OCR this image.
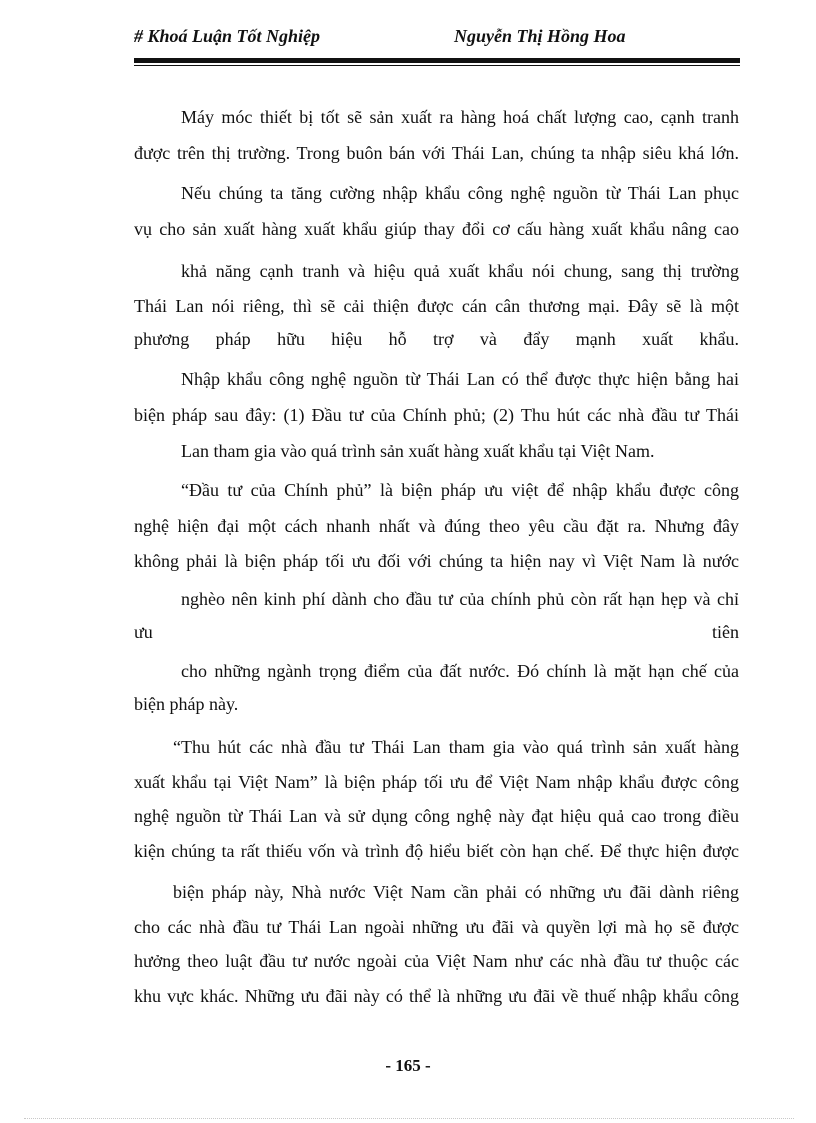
# Khoá Luận Tốt Nghiệp	Nguyễn Thị Hồng Hoa
Máy móc thiết bị tốt sẽ sản xuất ra hàng hoá chất lượng cao, cạnh tranh
được trên thị trường. Trong buôn bán với Thái Lan, chúng ta nhập siêu khá lớn.
Nếu chúng ta tăng cường nhập khẩu công nghệ nguồn từ Thái Lan phục
vụ cho sản xuất hàng xuất khẩu giúp thay đổi cơ cấu hàng xuất khẩu nâng cao
khả năng cạnh tranh và hiệu quả xuất khẩu nói chung, sang thị trường
Thái Lan nói riêng, thì sẽ cải thiện được cán cân thương mại. Đây sẽ là một
phương pháp hữu hiệu hỗ trợ và đẩy mạnh xuất khẩu.
Nhập khẩu công nghệ nguồn từ Thái Lan có thể được thực hiện bằng hai
biện pháp sau đây: (1) Đầu tư của Chính phủ; (2) Thu hút các nhà đầu tư Thái
Lan tham gia vào quá trình sản xuất hàng xuất khẩu tại Việt Nam.
“Đầu tư của Chính phủ” là biện pháp ưu việt để nhập khẩu được công
nghệ hiện đại một cách nhanh nhất và đúng theo yêu cầu đặt ra. Nhưng đây
không phải là biện pháp tối ưu đối với chúng ta hiện nay vì Việt Nam là nước
nghèo nên kinh phí dành cho đầu tư của chính phủ còn rất hạn hẹp và chỉ
ưu	tiên
cho những ngành trọng điểm của đất nước. Đó chính là mặt hạn chế của
biện pháp này.
“Thu hút các nhà đầu tư Thái Lan tham gia vào quá trình sản xuất hàng
xuất khẩu tại Việt Nam” là biện pháp tối ưu để Việt Nam nhập khẩu được công
nghệ nguồn từ Thái Lan và sử dụng công nghệ này đạt hiệu quả cao trong điều
kiện chúng ta rất thiếu vốn và trình độ hiểu biết còn hạn chế. Để thực hiện được
biện pháp này, Nhà nước Việt Nam cần phải có những ưu đãi dành riêng
cho các nhà đầu tư Thái Lan ngoài những ưu đãi và quyền lợi mà họ sẽ được
hưởng theo luật đầu tư nước ngoài của Việt Nam như các nhà đầu tư thuộc các
khu vực khác. Những ưu đãi này có thể là những ưu đãi về thuế nhập khẩu công
- 165 -
